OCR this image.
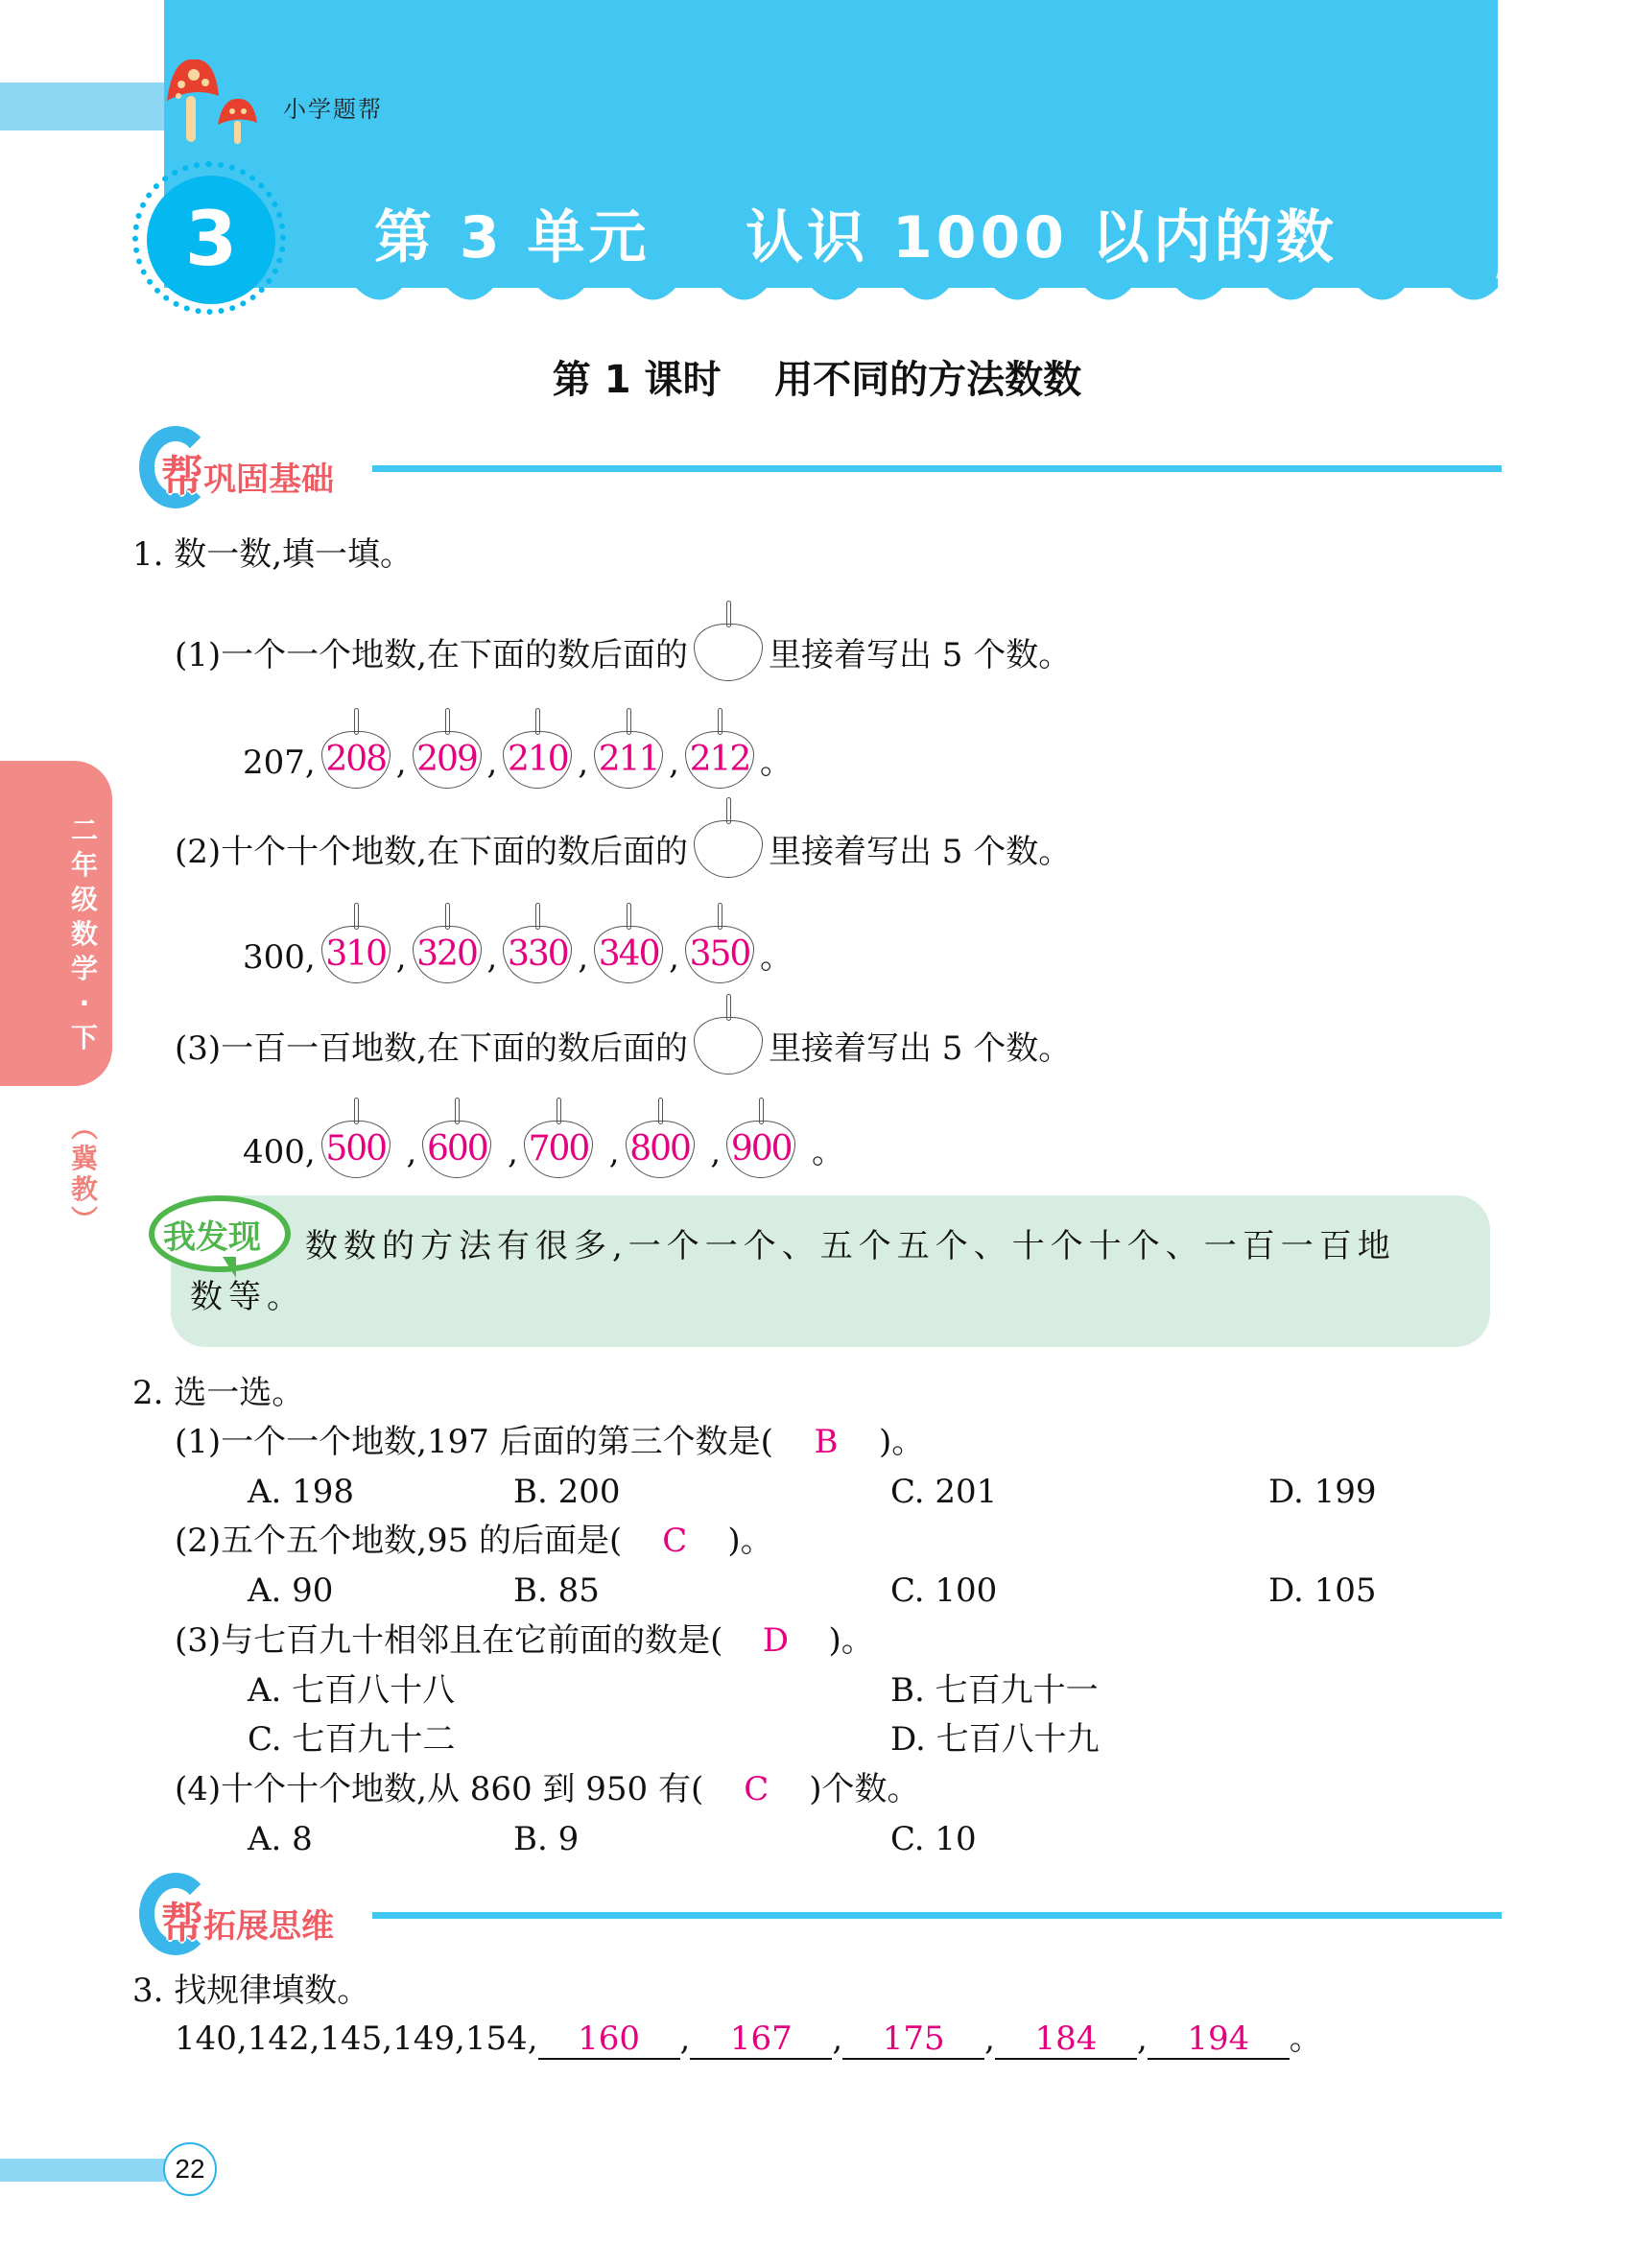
小学题帮
3	第 3 单元    认识 1000 以内的数
第 1 课时    用不同的方法数数
二
年
级
数
学
·
下
︵
冀
教
︶
帮巩固基础
1. 数一数,填一填。
(1)一个一个地数,在下面的数后面的 里接着写出 5 个数。
207, 208 , 209 , 210 , 211 , 212 。
(2)十个十个地数,在下面的数后面的 里接着写出 5 个数。
300, 310 , 320 , 330 , 340 , 350 。
(3)一百一百地数,在下面的数后面的 里接着写出 5 个数。
400, 500 , 600 , 700 , 800 , 900 。
我发现 数数的方法有很多,一个一个、五个五个、十个十个、一百一百地
数等。
2. 选一选。
(1)一个一个地数,197 后面的第三个数是( B )。
A. 198	B. 200	C. 201	D. 199
(2)五个五个地数,95 的后面是( C )。
A. 90	B. 85	C. 100	D. 105
(3)与七百九十相邻且在它前面的数是( D )。
A. 七百八十八	B. 七百九十一
C. 七百九十二	D. 七百八十九
(4)十个十个地数,从 860 到 950 有( C )个数。
A. 8	B. 9	C. 10
帮拓展思维
3. 找规律填数。
140,142,145,149,154, 160 , 167 , 175 , 184 , 194 。
22
